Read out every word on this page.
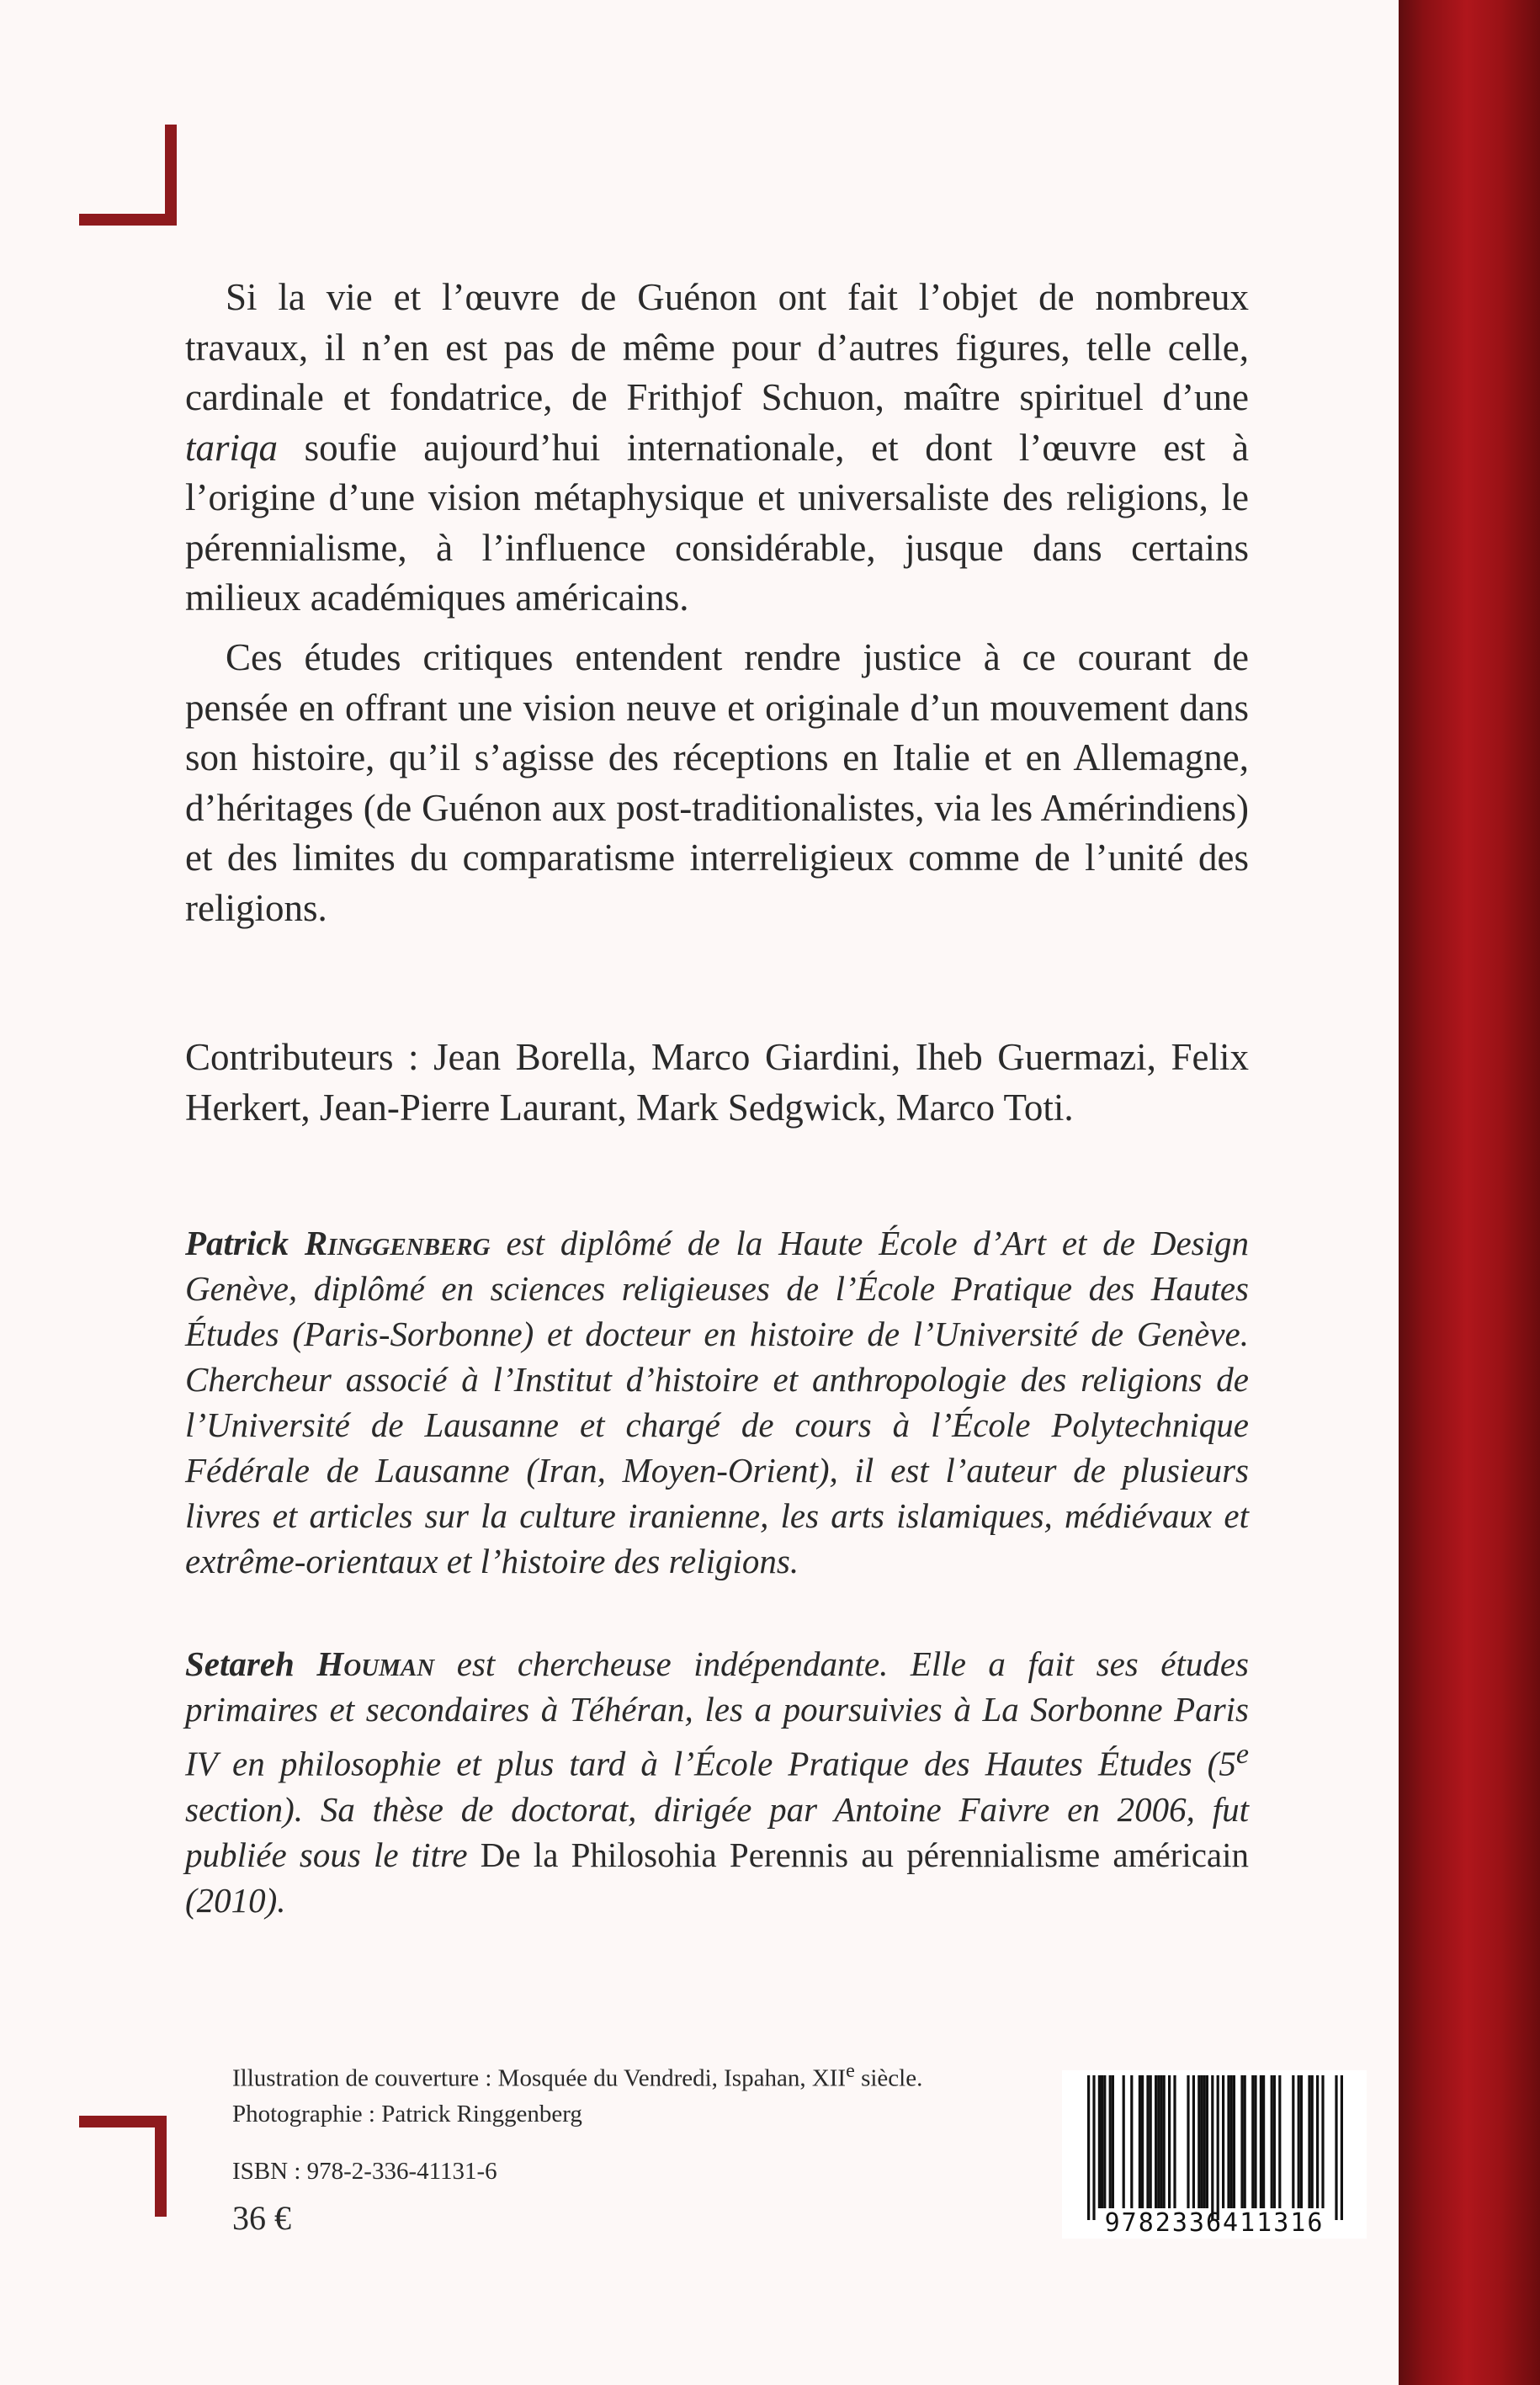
Si la vie et l’œuvre de Guénon ont fait l’objet de nombreux travaux, il n’en est pas de même pour d’autres figures, telle celle, cardinale et fondatrice, de Frithjof Schuon, maître spirituel d’une tariqa soufie aujourd’hui internationale, et dont l’œuvre est à l’origine d’une vision métaphysique et universaliste des religions, le pérennialisme, à l’influence considérable, jusque dans certains milieux académiques américains.

Ces études critiques entendent rendre justice à ce courant de pensée en offrant une vision neuve et originale d’un mouvement dans son histoire, qu’il s’agisse des réceptions en Italie et en Allemagne, d’héritages (de Guénon aux post-traditionalistes, via les Amérindiens) et des limites du comparatisme interreligieux comme de l’unité des religions.

Contributeurs : Jean Borella, Marco Giardini, Iheb Guermazi, Felix Herkert, Jean-Pierre Laurant, Mark Sedgwick, Marco Toti.

Patrick Ringgenberg est diplômé de la Haute École d’Art et de Design Genève, diplômé en sciences religieuses de l’École Pratique des Hautes Études (Paris-Sorbonne) et docteur en histoire de l’Université de Genève. Chercheur associé à l’Institut d’histoire et anthropologie des religions de l’Université de Lausanne et chargé de cours à l’École Polytechnique Fédérale de Lausanne (Iran, Moyen-Orient), il est l’auteur de plusieurs livres et articles sur la culture iranienne, les arts islamiques, médiévaux et extrême-orientaux et l’histoire des religions.

Setareh Houman est chercheuse indépendante. Elle a fait ses études primaires et secondaires à Téhéran, les a poursuivies à La Sorbonne Paris IV en philosophie et plus tard à l’École Pratique des Hautes Études (5e section). Sa thèse de doctorat, dirigée par Antoine Faivre en 2006, fut publiée sous le titre De la Philosohia Perennis au pérennialisme américain (2010).

Illustration de couverture : Mosquée du Vendredi, Ispahan, XIIe siècle.
Photographie : Patrick Ringgenberg
ISBN : 978-2-336-41131-6
36 €	9782336411316
